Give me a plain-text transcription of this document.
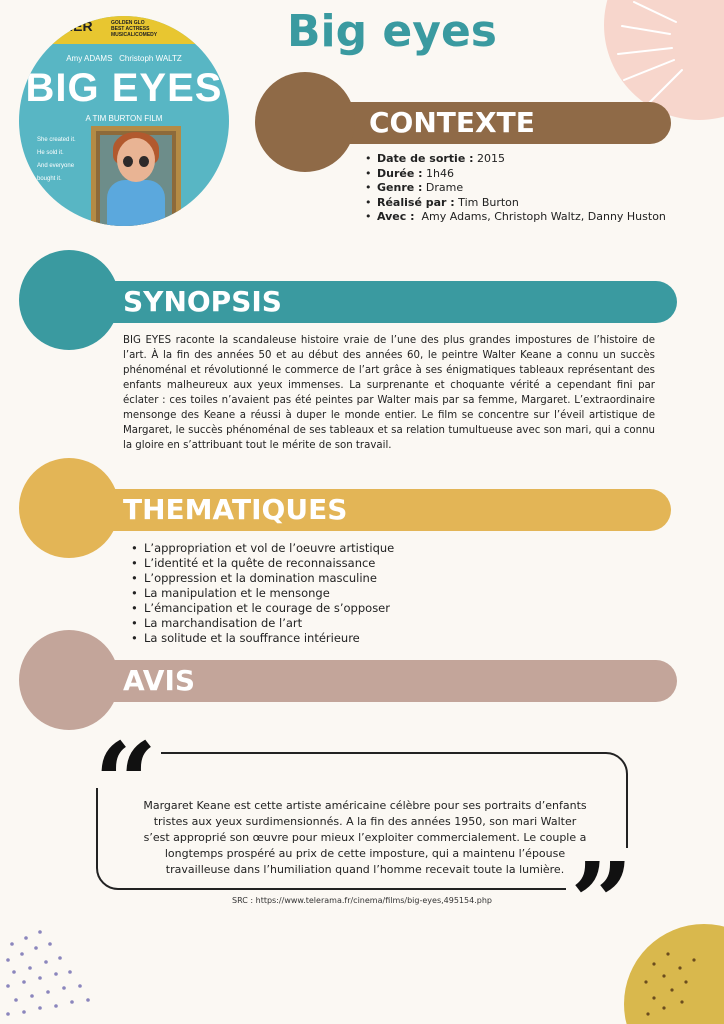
NER	GOLDEN GLO
BEST ACTRESS
MUSICAL/COMEDY
AMY
Amy ADAMS Christoph WALTZ
BIG EYES
A TIM BURTON FILM
She created it.
He sold it.
And everyone
bought it.
Big eyes
CONTEXTE
• Date de sortie : 2015
• Durée : 1h46
• Genre : Drame
• Réalisé par : Tim Burton
• Avec :  Amy Adams, Christoph Waltz, Danny Huston
SYNOPSIS

BIG EYES raconte la scandaleuse histoire vraie de l’une des plus grandes impostures de l’histoire de l’art. À la fin des années 50 et au début des années 60, le peintre Walter Keane a connu un succès phénoménal et révolutionné le commerce de l’art grâce à ses énigmatiques tableaux représentant des enfants malheureux aux yeux immenses. La surprenante et choquante vérité a cependant fini par éclater : ces toiles n’avaient pas été peintes par Walter mais par sa femme, Margaret. L’extraordinaire mensonge des Keane a réussi à duper le monde entier. Le film se concentre sur l’éveil artistique de Margaret, le succès phénoménal de ses tableaux et sa relation tumultueuse avec son mari, qui a connu la gloire en s’attribuant tout le mérite de son travail.

THEMATIQUES
• L’appropriation et vol de l’oeuvre artistique
• L’identité et la quête de reconnaissance
• L’oppression et la domination masculine
• La manipulation et le mensonge
• L’émancipation et le courage de s’opposer
• La marchandisation de l’art
• La solitude et la souffrance intérieure
AVIS
“
”

Margaret Keane est cette artiste américaine célèbre pour ses portraits d’enfants tristes aux yeux surdimensionnés. A la fin des années 1950, son mari Walter s’est approprié son œuvre pour mieux l’exploiter commercialement. Le couple a longtemps prospéré au prix de cette imposture, qui a maintenu l’épouse travailleuse dans l’humiliation quand l’homme recevait toute la lumière.

SRC : https://www.telerama.fr/cinema/films/big-eyes,495154.php
